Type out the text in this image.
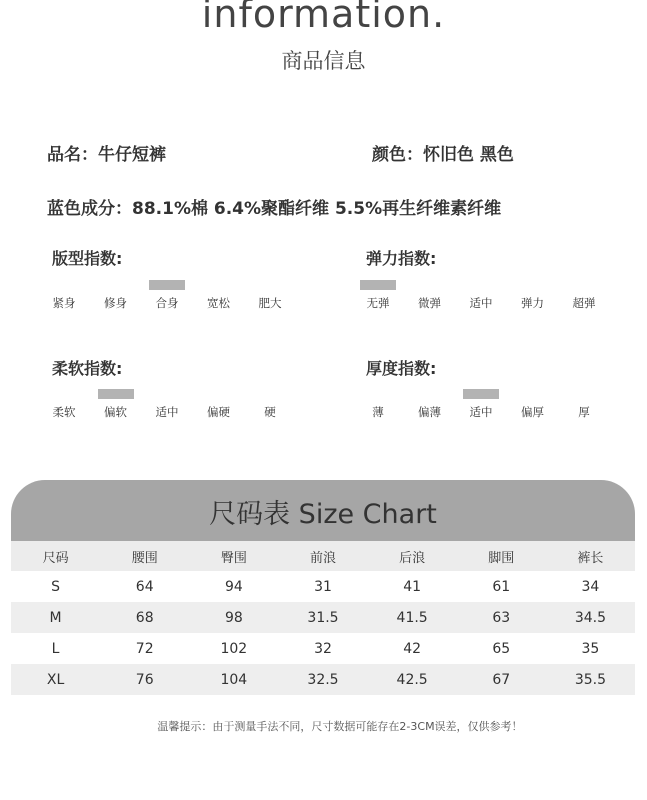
information.
商品信息
品名：牛仔短裤	颜色：怀旧色 黑色
蓝色成分：88.1%棉 6.4%聚酯纤维 5.5%再生纤维素纤维
版型指数:
紧身	修身	合身	宽松	肥大
弹力指数:
无弹	微弹	适中	弹力	超弹
柔软指数:
柔软	偏软	适中	偏硬	硬
厚度指数:
薄	偏薄	适中	偏厚	厚
尺码表 Size Chart
尺码	腰围	臀围	前浪	后浪	脚围	裤长
S	64	94	31	41	61	34
M	68	98	31.5	41.5	63	34.5
L	72	102	32	42	65	35
XL	76	104	32.5	42.5	67	35.5
温馨提示：由于测量手法不同，尺寸数据可能存在2-3CM误差，仅供参考！
